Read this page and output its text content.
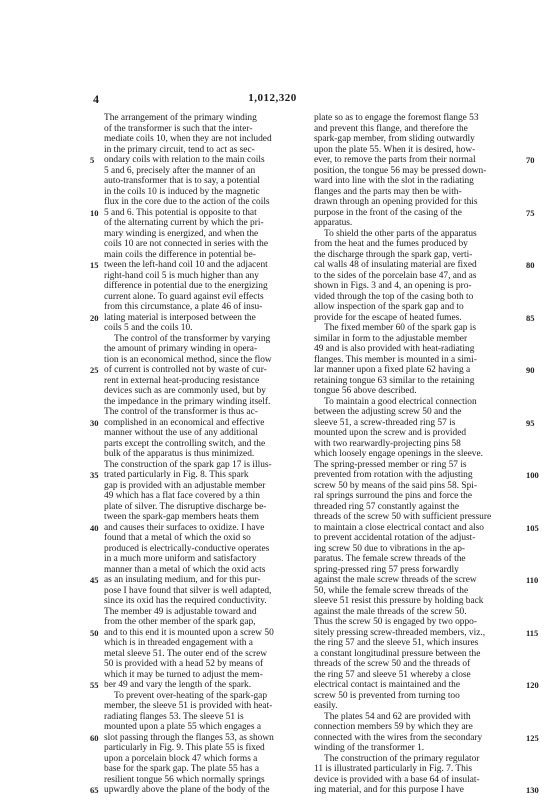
4	1,012,320
The arrangement of the primary winding
of the transformer is such that the inter-
mediate coils 10, when they are not included
in the primary circuit, tend to act as sec-
ondary coils with relation to the main coils
5 and 6, precisely after the manner of an
auto-transformer that is to say, a potential
in the coils 10 is induced by the magnetic
flux in the core due to the action of the coils
5 and 6. This potential is opposite to that
of the alternating current by which the pri-
mary winding is energized, and when the
coils 10 are not connected in series with the
main coils the difference in potential be-
tween the left-hand coil 10 and the adjacent
right-hand coil 5 is much higher than any
difference in potential due to the energizing
current alone. To guard against evil effects
from this circumstance, a plate 46 of insu-
lating material is interposed between the
coils 5 and the coils 10.
The control of the transformer by varying
the amount of primary winding in opera-
tion is an economical method, since the flow
of current is controlled not by waste of cur-
rent in external heat-producing resistance
devices such as are commonly used, but by
the impedance in the primary winding itself.
The control of the transformer is thus ac-
complished in an economical and effective
manner without the use of any additional
parts except the controlling switch, and the
bulk of the apparatus is thus minimized.
The construction of the spark gap 17 is illus-
trated particularly in Fig. 8. This spark
gap is provided with an adjustable member
49 which has a flat face covered by a thin
plate of silver. The disruptive discharge be-
tween the spark-gap members heats them
and causes their surfaces to oxidize. I have
found that a metal of which the oxid so
produced is electrically-conductive operates
in a much more uniform and satisfactory
manner than a metal of which the oxid acts
as an insulating medium, and for this pur-
pose I have found that silver is well adapted,
since its oxid has the required conductivity.
The member 49 is adjustable toward and
from the other member of the spark gap,
and to this end it is mounted upon a screw 50
which is in threaded engagement with a
metal sleeve 51. The outer end of the screw
50 is provided with a head 52 by means of
which it may be turned to adjust the mem-
ber 49 and vary the length of the spark.
To prevent over-heating of the spark-gap
member, the sleeve 51 is provided with heat-
radiating flanges 53. The sleeve 51 is
mounted upon a plate 55 which engages a
slot passing through the flanges 53, as shown
particularly in Fig. 9. This plate 55 is fixed
upon a porcelain block 47 which forms a
base for the spark gap. The plate 55 has a
resilient tongue 56 which normally springs
upwardly above the plane of the body of the
plate so as to engage the foremost flange 53
and prevent this flange, and therefore the
spark-gap member, from sliding outwardly
upon the plate 55. When it is desired, how-
ever, to remove the parts from their normal
position, the tongue 56 may be pressed down-
ward into line with the slot in the radiating
flanges and the parts may then be with-
drawn through an opening provided for this
purpose in the front of the casing of the
apparatus.
To shield the other parts of the apparatus
from the heat and the fumes produced by
the discharge through the spark gap, verti-
cal walls 48 of insulating material are fixed
to the sides of the porcelain base 47, and as
shown in Figs. 3 and 4, an opening is pro-
vided through the top of the casing both to
allow inspection of the spark gap and to
provide for the escape of heated fumes.
The fixed member 60 of the spark gap is
similar in form to the adjustable member
49 and is also provided with heat-radiating
flanges. This member is mounted in a simi-
lar manner upon a fixed plate 62 having a
retaining tongue 63 similar to the retaining
tongue 56 above described.
To maintain a good electrical connection
between the adjusting screw 50 and the
sleeve 51, a screw-threaded ring 57 is
mounted upon the screw and is provided
with two rearwardly-projecting pins 58
which loosely engage openings in the sleeve.
The spring-pressed member or ring 57 is
prevented from rotation with the adjusting
screw 50 by means of the said pins 58. Spi-
ral springs surround the pins and force the
threaded ring 57 constantly against the
threads of the screw 50 with sufficient pressure
to maintain a close electrical contact and also
to prevent accidental rotation of the adjust-
ing screw 50 due to vibrations in the ap-
paratus. The female screw threads of the
spring-pressed ring 57 press forwardly
against the male screw threads of the screw
50, while the female screw threads of the
sleeve 51 resist this pressure by holding back
against the male threads of the screw 50.
Thus the screw 50 is engaged by two oppo-
sitely pressing screw-threaded members, viz.,
the ring 57 and the sleeve 51, which insures
a constant longitudinal pressure between the
threads of the screw 50 and the threads of
the ring 57 and sleeve 51 whereby a close
electrical contact is maintained and the
screw 50 is prevented from turning too
easily.
The plates 54 and 62 are provided with
connection members 59 by which they are
connected with the wires from the secondary
winding of the transformer 1.
The construction of the primary regulator
11 is illustrated particularly in Fig. 7. This
device is provided with a base 64 of insulat-
ing material, and for this purpose I have
5
10
15
20
25
30
35
40
45
50
55
60
65
70
75
80
85
90
95
100
105
110
115
120
125
130
